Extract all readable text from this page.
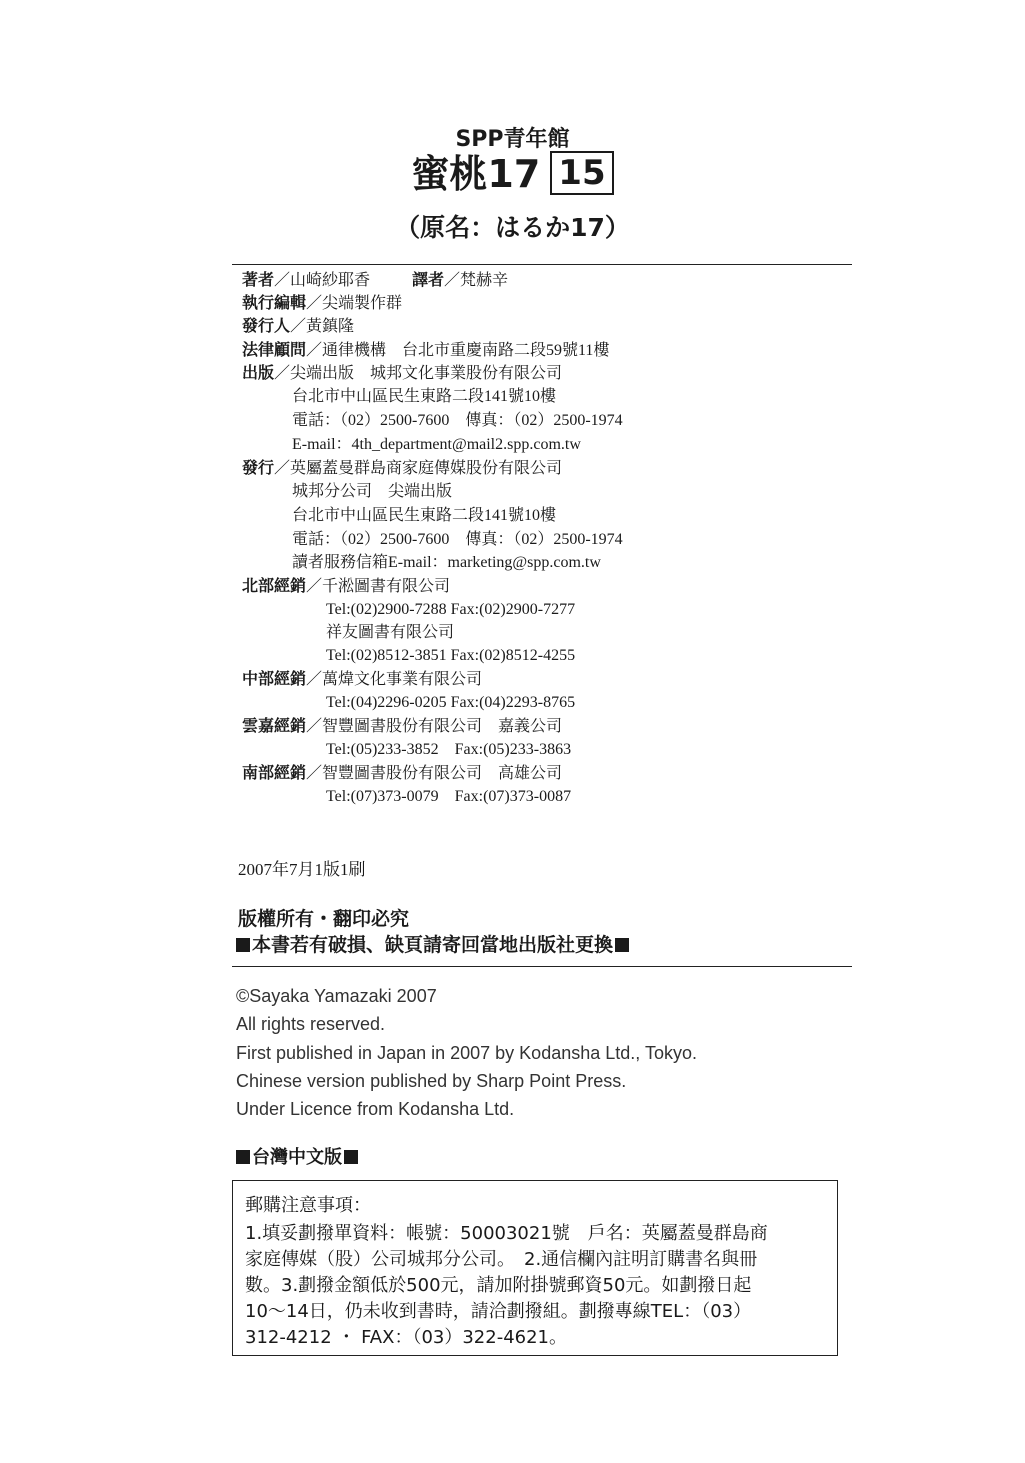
SPP青年館
蜜桃17 15
（原名：はるか17）
著者／山崎紗耶香	譯者／梵赫辛
執行編輯／尖端製作群
發行人／黃鎮隆
法律顧問／通律機構　台北市重慶南路二段59號11樓
出版／尖端出版　城邦文化事業股份有限公司
台北市中山區民生東路二段141號10樓
電話：（02）2500-7600　傳真：（02）2500-1974
E-mail：4th_department@mail2.spp.com.tw
發行／英屬蓋曼群島商家庭傳媒股份有限公司
城邦分公司　尖端出版
台北市中山區民生東路二段141號10樓
電話：（02）2500-7600　傳真：（02）2500-1974
讀者服務信箱E-mail：marketing@spp.com.tw
北部經銷／千淞圖書有限公司
Tel:(02)2900-7288 Fax:(02)2900-7277
祥友圖書有限公司
Tel:(02)8512-3851 Fax:(02)8512-4255
中部經銷／萬煒文化事業有限公司
Tel:(04)2296-0205 Fax:(04)2293-8765
雲嘉經銷／智豐圖書股份有限公司　嘉義公司
Tel:(05)233-3852　Fax:(05)233-3863
南部經銷／智豐圖書股份有限公司　高雄公司
Tel:(07)373-0079　Fax:(07)373-0087
2007年7月1版1刷
版權所有・翻印必究
本書若有破損、缺頁請寄回當地出版社更換
©Sayaka Yamazaki 2007
All rights reserved.
First published in Japan in 2007 by Kodansha Ltd., Tokyo.
Chinese version published by Sharp Point Press.
Under Licence from Kodansha Ltd.
台灣中文版
郵購注意事項：
1.填妥劃撥單資料：帳號：50003021號　戶名：英屬蓋曼群島商
家庭傳媒（股）公司城邦分公司。　2.通信欄內註明訂購書名與冊
數。3.劃撥金額低於500元，請加附掛號郵資50元。如劃撥日起
10～14日，仍未收到書時，請洽劃撥組。劃撥專線TEL：（03）
312-4212 ・ FAX：（03）322-4621。
